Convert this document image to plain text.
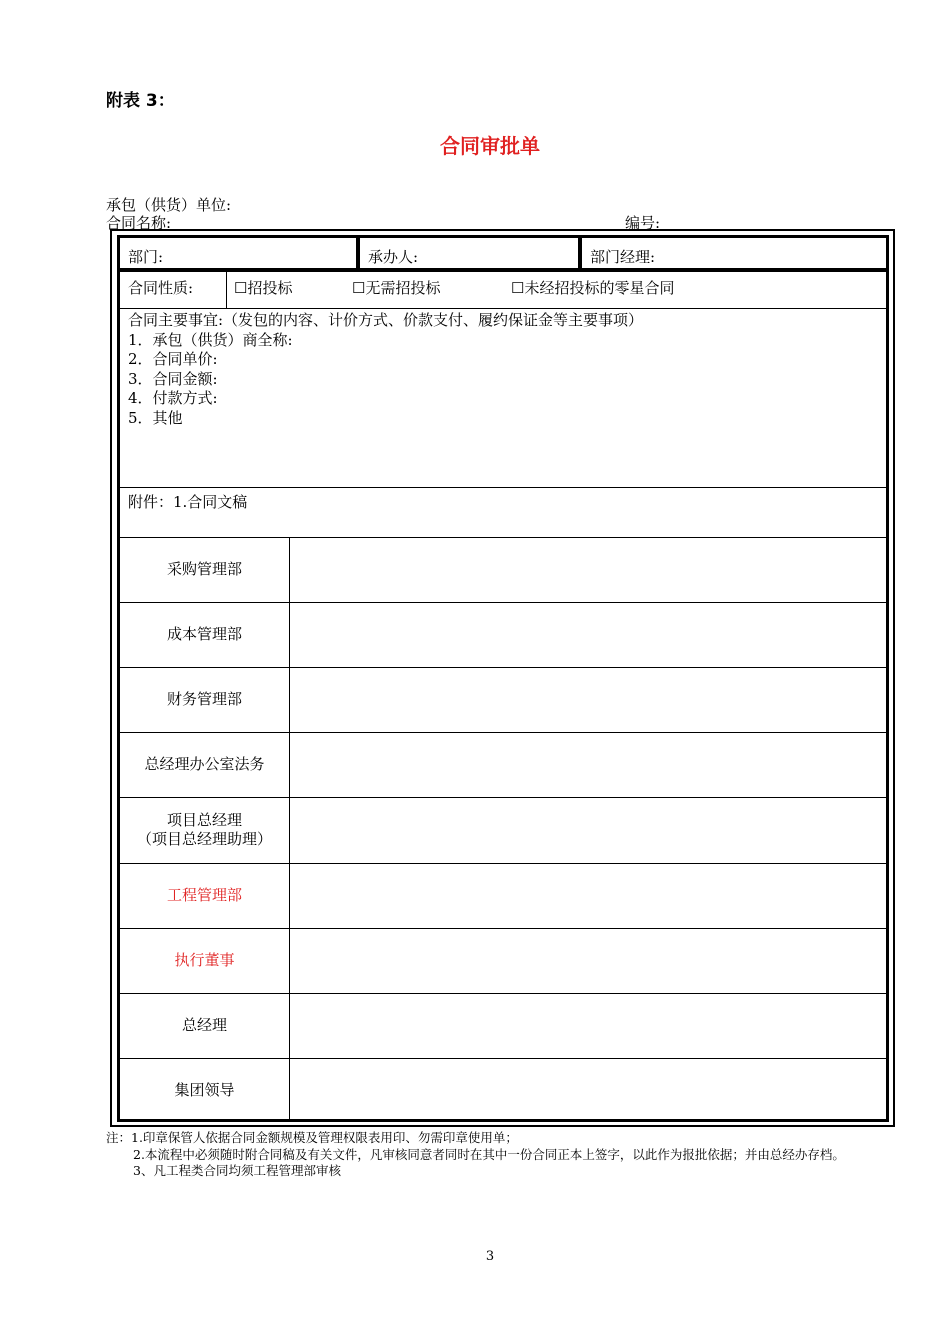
附表 3：
合同审批单
承包（供货）单位:
合同名称:	编号:
部门:	承办人:	部门经理:
合同性质:	☐招投标	☐无需招投标	☐未经招投标的零星合同
合同主要事宜:（发包的内容、计价方式、价款支付、履约保证金等主要事项）
1．承包（供货）商全称:
2．合同单价:
3．合同金额:
4．付款方式:
5．其他
附件：1.合同文稿
采购管理部
成本管理部
财务管理部
总经理办公室法务
项目总经理
（项目总经理助理）
工程管理部
执行董事
总经理
集团领导
注：1.印章保管人依据合同金额规模及管理权限表用印、勿需印章使用单；
2.本流程中必须随时附合同稿及有关文件，凡审核同意者同时在其中一份合同正本上签字，以此作为报批依据；并由总经办存档。
3、凡工程类合同均须工程管理部审核
3
